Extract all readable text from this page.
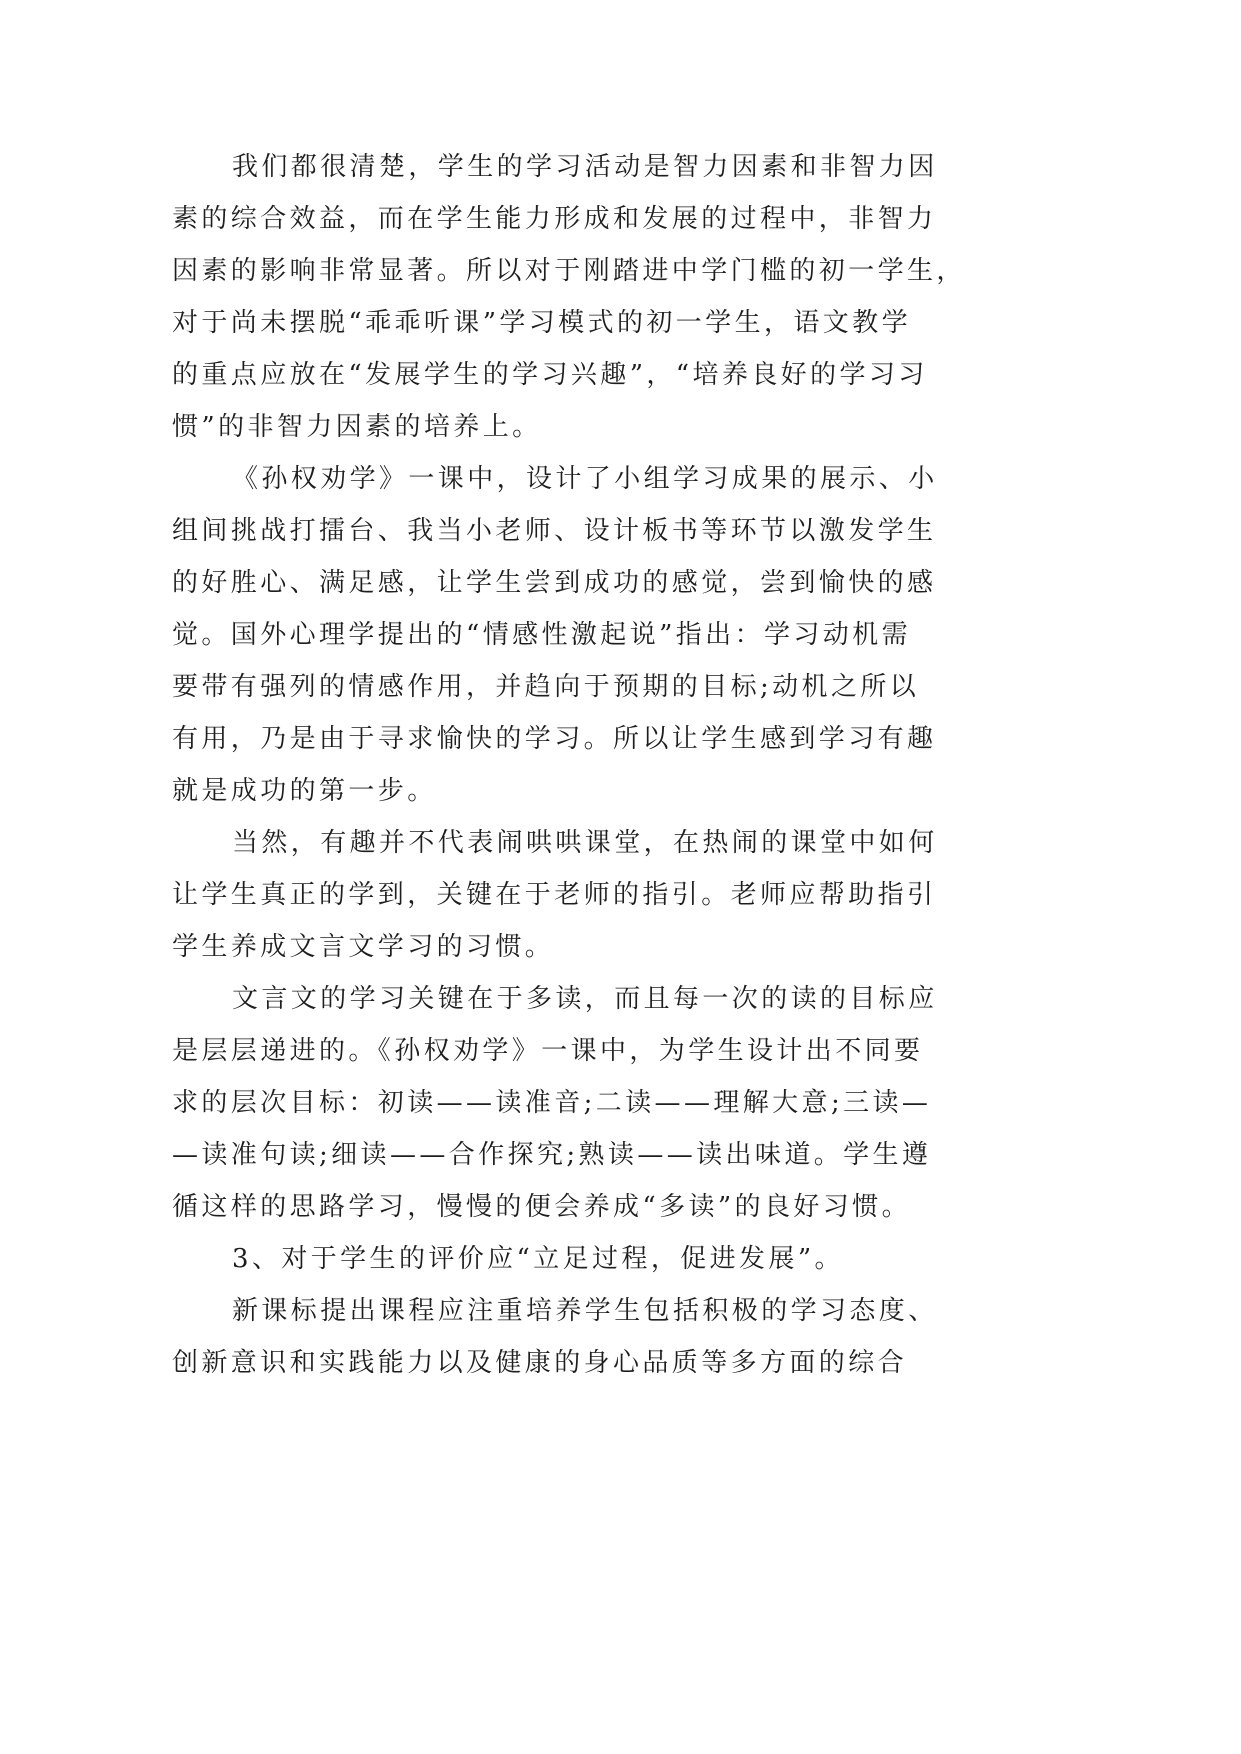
我们都很清楚，学生的学习活动是智力因素和非智力因
素的综合效益，而在学生能力形成和发展的过程中，非智力
因素的影响非常显著。所以对于刚踏进中学门槛的初一学生，
对于尚未摆脱“乖乖听课”学习模式的初一学生，语文教学
的重点应放在“发展学生的学习兴趣”，“培养良好的学习习
惯”的非智力因素的培养上。
《孙权劝学》一课中，设计了小组学习成果的展示、小
组间挑战打擂台、我当小老师、设计板书等环节以激发学生
的好胜心、满足感，让学生尝到成功的感觉，尝到愉快的感
觉。国外心理学提出的“情感性激起说”指出：学习动机需
要带有强列的情感作用，并趋向于预期的目标;动机之所以
有用，乃是由于寻求愉快的学习。所以让学生感到学习有趣
就是成功的第一步。
当然，有趣并不代表闹哄哄课堂，在热闹的课堂中如何
让学生真正的学到，关键在于老师的指引。老师应帮助指引
学生养成文言文学习的习惯。
文言文的学习关键在于多读，而且每一次的读的目标应
是层层递进的。《孙权劝学》一课中，为学生设计出不同要
求的层次目标：初读——读准音;二读——理解大意;三读—
—读准句读;细读——合作探究;熟读——读出味道。学生遵
循这样的思路学习，慢慢的便会养成“多读”的良好习惯。
3、对于学生的评价应“立足过程，促进发展”。
新课标提出课程应注重培养学生包括积极的学习态度、
创新意识和实践能力以及健康的身心品质等多方面的综合
